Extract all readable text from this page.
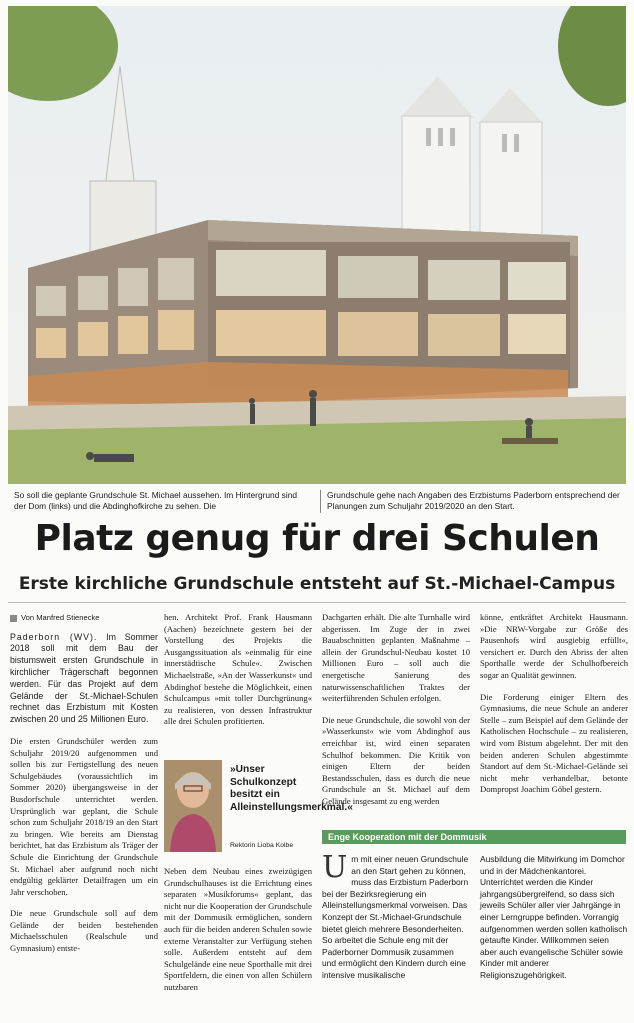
So soll die geplante Grundschule St. Michael aussehen. Im Hintergrund sind der Dom (links) und die Abdinghofkirche zu sehen. Die
Grundschule gehe nach Angaben des Erzbistums Paderborn entsprechend der Planungen zum Schuljahr 2019/2020 an den Start.
Platz genug für drei Schulen
Erste kirchliche Grundschule entsteht auf St.-Michael-Campus
Von Manfred Stienecke

Paderborn (WV). Im Sommer 2018 soll mit dem Bau der bistumsweit ersten Grundschule in kirchlicher Trägerschaft begonnen werden. Für das Projekt auf dem Gelände der St.-Michael-Schulen rechnet das Erzbistum mit Kosten zwischen 20 und 25 Millionen Euro.

Die ersten Grundschüler werden zum Schuljahr 2019/20 aufgenommen und sollen bis zur Fertigstellung des neuen Schulgebäudes (voraussichtlich im Sommer 2020) übergangsweise in der Busdorfschule unterrichtet werden. Ursprünglich war geplant, die Schule schon zum Schuljahr 2018/19 an den Start zu bringen. Wie bereits am Dienstag berichtet, hat das Erzbistum als Träger der Schule die Einrichtung der Grundschule St. Michael aber aufgrund noch nicht endgültig geklärter Detailfragen um ein Jahr verschoben.

Die neue Grundschule soll auf dem Gelände der beiden bestehenden Michaelsschulen (Realschule und Gymnasium) entste-

hen. Architekt Prof. Frank Hausmann (Aachen) bezeichnete gestern bei der Vorstellung des Projekts die Ausgangssituation als »einmalig für eine innerstädtische Schule«. Zwischen Michaelstraße, »An der Wasserkunst« und Abdinghof bestehe die Möglichkeit, einen Schulcampus »mit toller Durchgrünung« zu realisieren, von dessen Infrastruktur alle drei Schulen profitierten.

»Unser Schulkonzept besitzt ein Alleinstellungsmerkmal.«
Rektorin Lioba Kolbe

Neben dem Neubau eines zweizügigen Grundschulhauses ist die Errichtung eines separaten »Musikforums« geplant, das nicht nur die Kooperation der Grundschule mit der Dommusik ermöglichen, sondern auch für die beiden anderen Schulen sowie externe Veranstalter zur Verfügung stehen solle. Außerdem entsteht auf dem Schulgelände eine neue Sporthalle mit drei Sportfeldern, die einen von allen Schülern nutzbaren

Dachgarten erhält. Die alte Turnhalle wird abgerissen. Im Zuge der in zwei Bauabschnitten geplanten Maßnahme – allein der Grundschul-Neubau kostet 10 Millionen Euro – soll auch die energetische Sanierung des naturwissenschaftlichen Traktes der weiterführenden Schulen erfolgen.

Die neue Grundschule, die sowohl von der »Wasserkunst« wie vom Abdinghof aus erreichbar ist, wird einen separaten Schulhof bekommen. Die Kritik von einigen Eltern der beiden Bestandsschulen, dass es durch die neue Grundschule an St. Michael auf dem Gelände insgesamt zu eng werden

könne, entkräftet Architekt Hausmann. »Die NRW-Vorgabe zur Größe des Pausenhofs wird ausgiebig erfüllt«, versichert er. Durch den Abriss der alten Sporthalle werde der Schulhofbereich sogar an Qualität gewinnen.

Die Forderung einiger Eltern des Gymnasiums, die neue Schule an anderer Stelle – zum Beispiel auf dem Gelände der Katholischen Hochschule – zu realisieren, wird vom Bistum abgelehnt. Der mit den beiden anderen Schulen abgestimmte Standort auf dem St.-Michael-Gelände sei nicht mehr verhandelbar, betonte Dompropst Joachim Göbel gestern.

Enge Kooperation mit der Dommusik
Um mit einer neuen Grundschule an den Start gehen zu können, muss das Erzbistum Paderborn bei der Bezirksregierung ein Alleinstellungsmerkmal vorweisen. Das Konzept der St.-Michael-Grundschule bietet gleich mehrere Besonderheiten. So arbeitet die Schule eng mit der Paderborner Dommusik zusammen und ermöglicht den Kindern durch eine intensive musikalische
Ausbildung die Mitwirkung im Domchor und in der Mädchenkantorei. Unterrichtet werden die Kinder jahrgangsübergreifend, so dass sich jeweils Schüler aller vier Jahrgänge in einer Lerngruppe befinden. Vorrangig aufgenommen werden sollen katholisch getaufte Kinder. Willkommen seien aber auch evangelische Schüler sowie Kinder mit anderer Religionszugehörigkeit.
